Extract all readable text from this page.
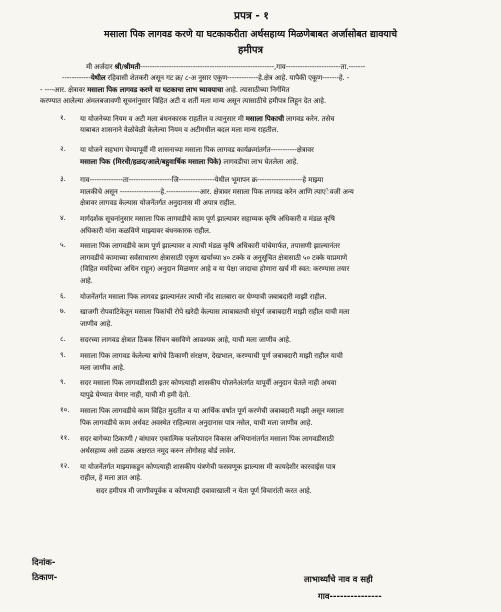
प्रपत्र - १
मसाला पिक लागवड करणे या घटकाकरीता अर्थसहाय्य मिळणेबाबत अर्जासोबत द्यावयाचे
हमीपत्र
मी अर्जदार श्री/श्रीमती--------------------------------------------------------,गाव-----------------------ता.-------
------------येथील रहिवासी शेतकरी असून गट क्र/ ८-अ नुसार एकूण-------------हे.क्षेत्र आहे. यापैकी एकूण-------हे. -
- ----आर. क्षेत्रावर मसाला पिक लागवड करणे या घटकाचा लाभ घ्यावयाचा आहे. त्यासाठीच्या निर्गमित
करण्यात आलेल्या अंमलबजावणी सूचनांनुसार विहित अटी व शर्ती मला मान्य असून त्यासाठीचे हमीपत्र लिहून देत आहे.
१. या योजनेच्या नियम व अटी मला बंधनकारक राहतील व त्यानुसार मी मसाला पिकाची लागवड करेन. तसेच
याबाबत शासनाने वेळोवेळी केलेल्या नियम व अटीमधील बदल मला मान्य राहतील.
२. या योजने सहभाग घेण्यापूर्वी मी शासनाच्या मसाला पिक लागवड कार्यक्रमांतर्गत-----------क्षेत्रावर
मसाला पिक (मिरची/हळद/आले/बहुवार्षिक मसाला पिके) लागवडीचा लाभ घेतलेला आहे.
३. गाव--------------ता------------------जि---------------येथील भूमापन क्र-------------------हे माझ्या
मालकीचे असून -----------------हे.--------------आर. क्षेत्रावर मसाला पिक लागवड करेन आणि त्याएेवजी अन्य
क्षेत्रावर लागवड केल्यास योजनेंतर्गत अनुदानास मी अपात्र राहील.
४. मार्गदर्शक सूचनांनुसार मसाला पिक लागवडीचे काम पूर्ण झाल्यावर सहाय्यक कृषि अधिकारी व मंडळ कृषि
अधिकारी यांना कळविणे माझ्यावर बंधनकारक राहील.
५. मसाला पिक लागवडीचे काम पूर्ण झाल्यावर व त्याची मंडळ कृषि अधिकारी यांचेमार्फत, तपासणी झाल्यानंतर
लागवडीचे कामाच्या सर्वसाधारण क्षेत्रासाठी एकूण खर्चाच्या ४० टक्के व अनुसूचित क्षेत्रासाठी ५० टक्के याप्रमाणे
(विहित मर्यादेच्या अधिन राहून) अनुदान मिळणार आहे व या पेक्षा जादाचा होणारा खर्च मी स्वत: करण्यास तयार
आहे.
६. योजनेंतर्गत मसाला पिक लागवड झाल्यानंतर त्याची नोंद सातबारा वर घेण्याची जबाबदारी माझी राहील.
७. खाजगी रोपवाटिकेतून मसाला पिकांची रोपे खरेदी केल्यास त्याबाबतची संपूर्ण जबाबदारी माझी राहील याची मला
जाणीव आहे.
८. सदरच्या लागवड क्षेत्रात ठिबक सिंचन बसविणे आवश्यक आहे, याची मला जाणीव आहे.
९. मसाला पिक लागवड केलेल्या बागेचे ठिकाणी संरक्षण, देखभाल, करण्याची पूर्ण जबाबदारी माझी राहील याची
मला जाणीव आहे.
९. सदर मसाला पिक लागवडीसाठी इतर कोणत्याही शासकीय योजनेअंतर्गत यापूर्वी अनुदान घेतले नाही अथवा
यापुढे घेण्यात येणार नाही, याची मी हमी देतो.
१०. मसाला पिक लागवडीचे काम विहित मुदतीत व या आर्थिक वर्षात पूर्ण करणेची जबाबदारी माझी असून मसाला
पिक लागवडीचे काम अर्धवट अवस्थेत राहिल्यास अनुदानास पात्र नसेल, याची मला जाणीव आहे.
११. सदर बागेच्या ठिकाणी / बांधावर एकात्मिक फलोत्पादन विकास अभियानांतर्गत मसाला पिक लागवडीसाठी
अर्थसहाय्य असे ठळक अक्षरात नमूद करुन लोगोसह बोर्ड लावेन.
१२. या योजनेंतर्गत माझ्याकडून कोणत्याही शासकीय यंत्रणेची फसवणूक झाल्यास मी कायदेशीर कारवाईस पात्र
राहील, हे मला ज्ञात आहे.
सदर हमीपत्र मी जाणीवपूर्वक व कोणत्याही दबावाखाली न येता पूर्ण विचारांती करत आहे.
दिनांक-
ठिकाण-	लाभार्थ्यांचे नाव व सही
गाव---------------
